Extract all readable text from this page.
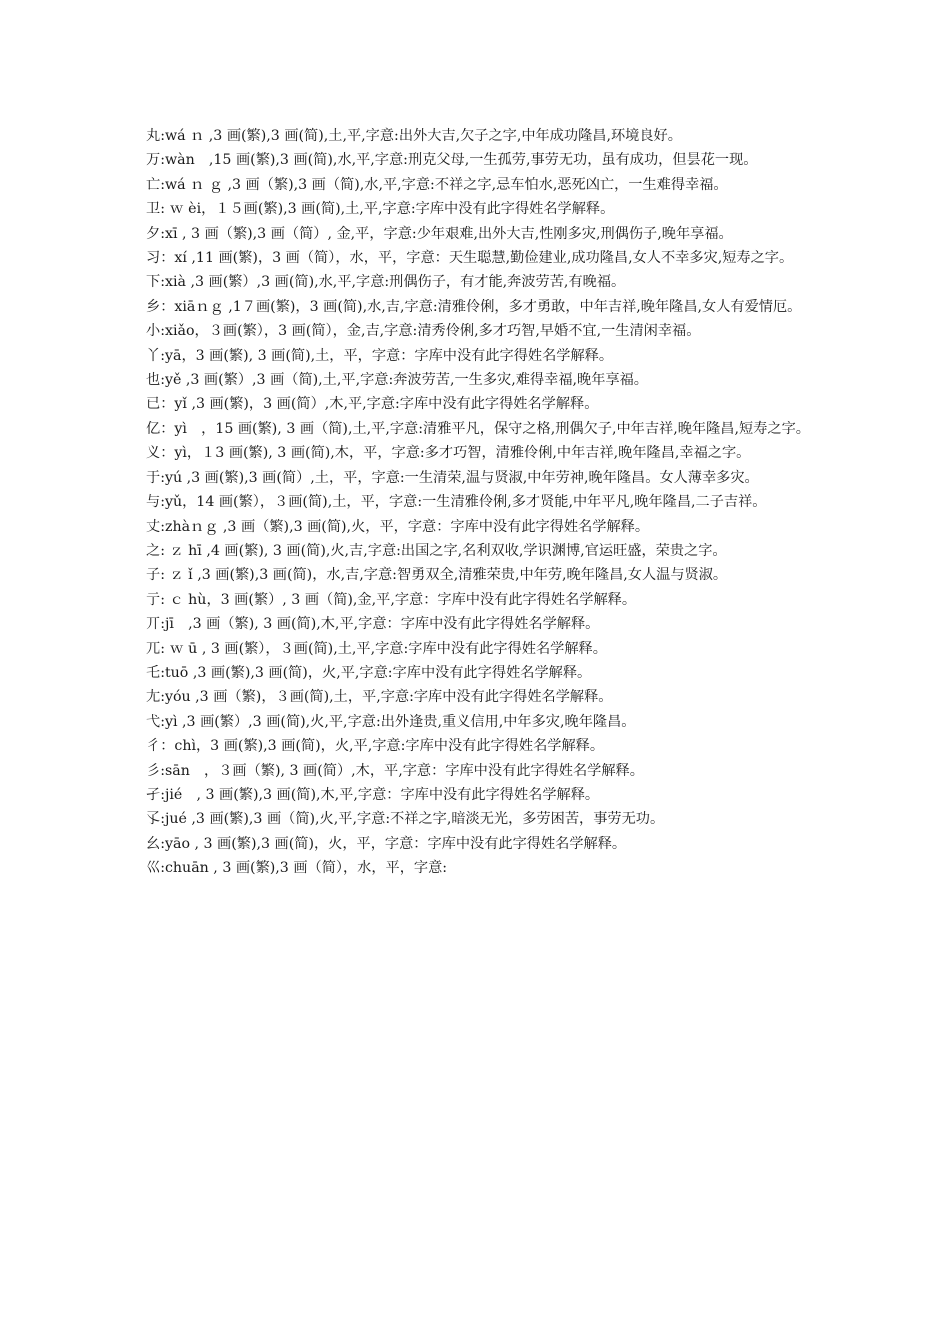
丸:wá ｎ ,3 画(繁),3 画(简),土,平,字意:出外大吉,欠子之字,中年成功隆昌,环境良好。

万:wàn　,15 画(繁),3 画(简),水,平,字意:刑克父母,一生孤劳,事劳无功，虽有成功，但昙花一现。

亡:wá ｎ ｇ ,3 画（繁),3 画（简),水,平,字意:不祥之字,忌车怕水,恶死凶亡，一生难得幸福。

卫: ｗ èi，１５画(繁),3 画(简),土,平,字意:字库中没有此字得姓名学解释。

夕:xī , 3 画（繁),3 画（简）, 金,平，字意:少年艰难,出外大吉,性刚多灾,刑偶伤子,晚年享福。

习：xí ,11 画(繁)，3 画（简），水，平，字意：天生聪慧,勤俭建业,成功隆昌,女人不幸多灾,短寿之字。

下:xià ,3 画(繁）,3 画(简),水,平,字意:刑偶伤子，有才能,奔波劳苦,有晚福。

乡：xiāｎｇ ,1７画(繁)，3 画(简),水,吉,字意:清雅伶俐，多才勇敢，中年吉祥,晚年隆昌,女人有爱情厄。

小:xiǎo，３画(繁），3 画(简），金,吉,字意:清秀伶俐,多才巧智,早婚不宜,一生清闲幸福。

丫:yā，3 画(繁), 3 画(简),土，平，字意：字库中没有此字得姓名学解释。

也:yě ,3 画(繁）,3 画（简),土,平,字意:奔波劳苦,一生多灾,难得幸福,晚年享福。

已：yǐ ,3 画(繁)，3 画(简）,木,平,字意:字库中没有此字得姓名学解释。

亿：yì　，15 画(繁), 3 画（简),土,平,字意:清雅平凡，保守之格,刑偶欠子,中年吉祥,晚年隆昌,短寿之字。

义：yì，１3 画(繁), 3 画(简),木，平，字意:多才巧智，清雅伶俐,中年吉祥,晚年隆昌,幸福之字。

于:yú ,3 画(繁),3 画(简）,土，平，字意:一生清荣,温与贤淑,中年劳神,晚年隆昌。女人薄幸多灾。

与:yǔ，14 画(繁），３画(简),土，平，字意:一生清雅伶俐,多才贤能,中年平凡,晚年隆昌,二子吉祥。

丈:zhàｎｇ ,3 画（繁),3 画(简),火，平，字意：字库中没有此字得姓名学解释。

之: ｚ hī ,4 画(繁), 3 画(简),火,吉,字意:出国之字,名利双收,学识渊博,官运旺盛，荣贵之字。

子: ｚ ǐ ,3 画(繁),3 画(简)，水,吉,字意:智勇双全,清雅荣贵,中年劳,晚年隆昌,女人温与贤淑。

亍: ｃ hù，3 画(繁）, 3 画（简),金,平,字意：字库中没有此字得姓名学解释。

丌:jī　,3 画（繁), 3 画(简),木,平,字意：字库中没有此字得姓名学解释。

兀: ｗ ū , 3 画(繁），３画(简),土,平,字意:字库中没有此字得姓名学解释。

乇:tuō ,3 画(繁),3 画(简)，火,平,字意:字库中没有此字得姓名学解释。

尢:yóu ,3 画（繁)，３画(简),土，平,字意:字库中没有此字得姓名学解释。

弋:yì ,3 画(繁）,3 画(简),火,平,字意:出外逢贵,重义信用,中年多灾,晚年隆昌。

彳：chì，3 画(繁),3 画(简)，火,平,字意:字库中没有此字得姓名学解释。

彡:sān　，３画（繁), 3 画(简）,木，平,字意：字库中没有此字得姓名学解释。

孑:jié　, 3 画(繁),3 画(简),木,平,字意：字库中没有此字得姓名学解释。

孓:jué ,3 画(繁),3 画（简),火,平,字意:不祥之字,暗淡无光，多劳困苦，事劳无功。

幺:yāo , 3 画(繁),3 画(简)，火，平，字意：字库中没有此字得姓名学解释。

巛:chuān , 3 画(繁),3 画（简），水，平，字意:
